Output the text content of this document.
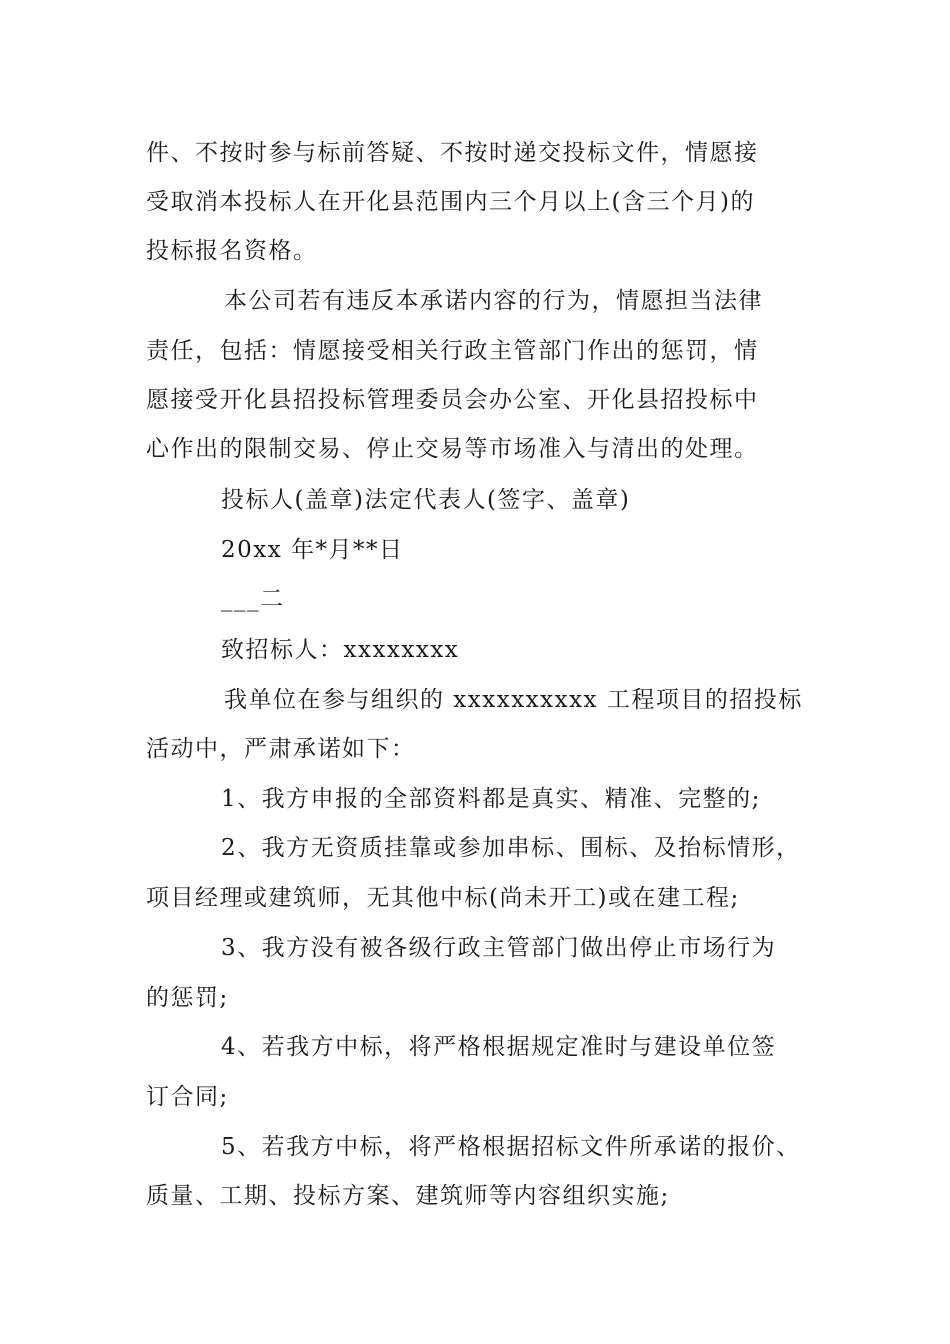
件、不按时参与标前答疑、不按时递交投标文件，情愿接
受取消本投标人在开化县范围内三个月以上(含三个月)的
投标报名资格。
本公司若有违反本承诺内容的行为，情愿担当法律
责任，包括：情愿接受相关行政主管部门作出的惩罚，情
愿接受开化县招投标管理委员会办公室、开化县招投标中
心作出的限制交易、停止交易等市场准入与清出的处理。
投标人(盖章)法定代表人(签字、盖章)
20xx 年*月**日
___二
致招标人：xxxxxxxx
我单位在参与组织的 xxxxxxxxxx 工程项目的招投标
活动中，严肃承诺如下：
1、我方申报的全部资料都是真实、精准、完整的;
2、我方无资质挂靠或参加串标、围标、及抬标情形，
项目经理或建筑师，无其他中标(尚未开工)或在建工程;
3、我方没有被各级行政主管部门做出停止市场行为
的惩罚;
4、若我方中标，将严格根据规定准时与建设单位签
订合同;
5、若我方中标，将严格根据招标文件所承诺的报价、
质量、工期、投标方案、建筑师等内容组织实施;
